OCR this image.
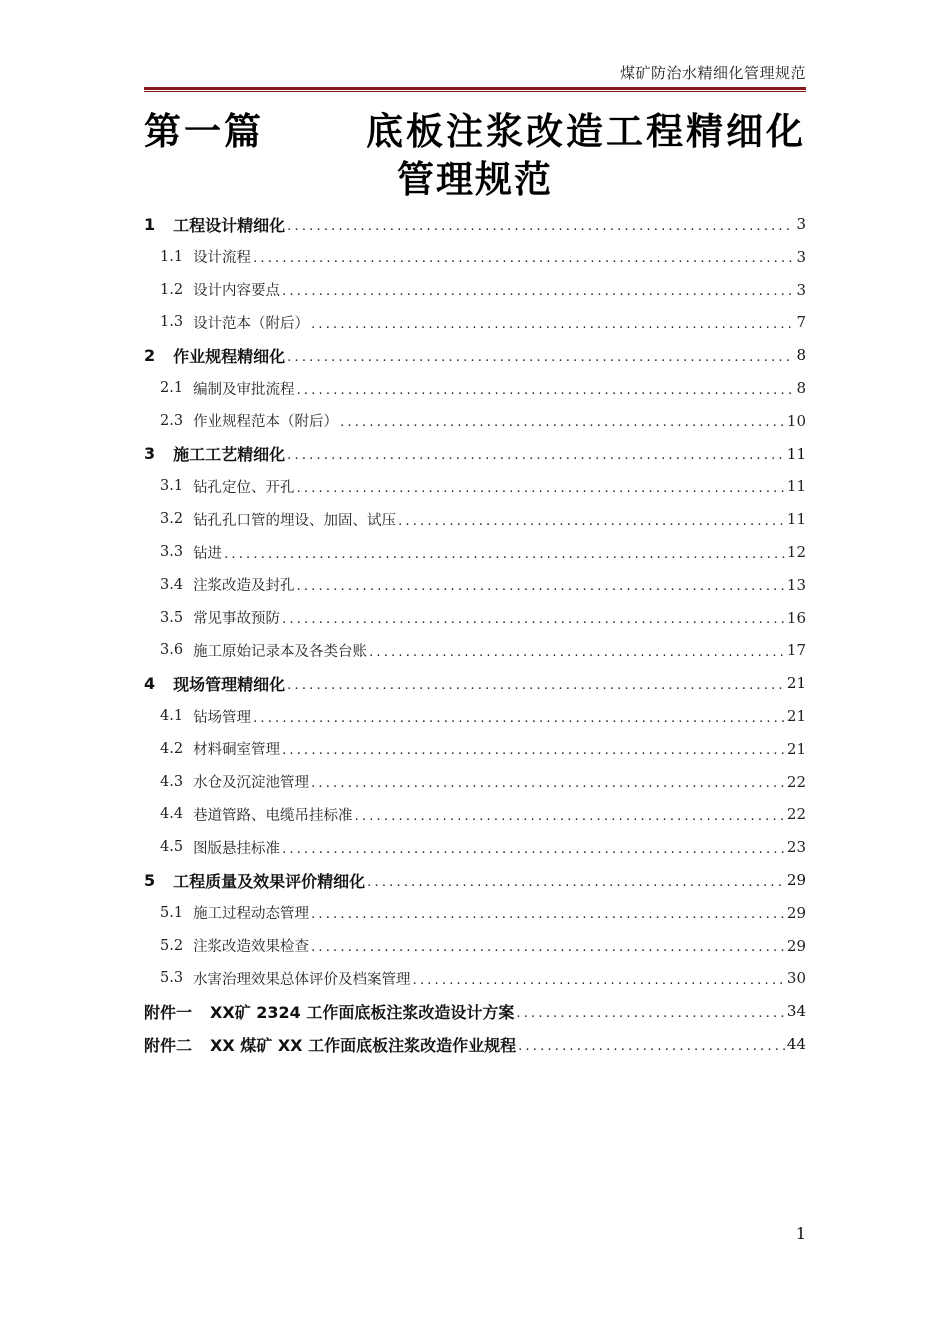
煤矿防治水精细化管理规范
第一篇	底板注浆改造工程精细化
管理规范
1 工程设计精细化 .....	3
1.1 设计流程 .....	3
1.2 设计内容要点 .....	3
1.3 设计范本（附后） .....	7
2 作业规程精细化 .....	8
2.1 编制及审批流程 .....	8
2.3 作业规程范本（附后） .....	10
3 施工工艺精细化 .....	11
3.1 钻孔定位、开孔 .....	11
3.2 钻孔孔口管的埋设、加固、试压 .....	11
3.3 钻进 .....	12
3.4 注浆改造及封孔 .....	13
3.5 常见事故预防 .....	16
3.6 施工原始记录本及各类台账 .....	17
4 现场管理精细化 .....	21
4.1 钻场管理 .....	21
4.2 材料硐室管理 .....	21
4.3 水仓及沉淀池管理 .....	22
4.4 巷道管路、电缆吊挂标准 .....	22
4.5 图版悬挂标准 .....	23
5 工程质量及效果评价精细化 .....	29
5.1 施工过程动态管理 .....	29
5.2 注浆改造效果检查 .....	29
5.3 水害治理效果总体评价及档案管理 .....	30
附件一 XX矿 2324 工作面底板注浆改造设计方案 .....	34
附件二 XX 煤矿 XX 工作面底板注浆改造作业规程 .....	44
1
